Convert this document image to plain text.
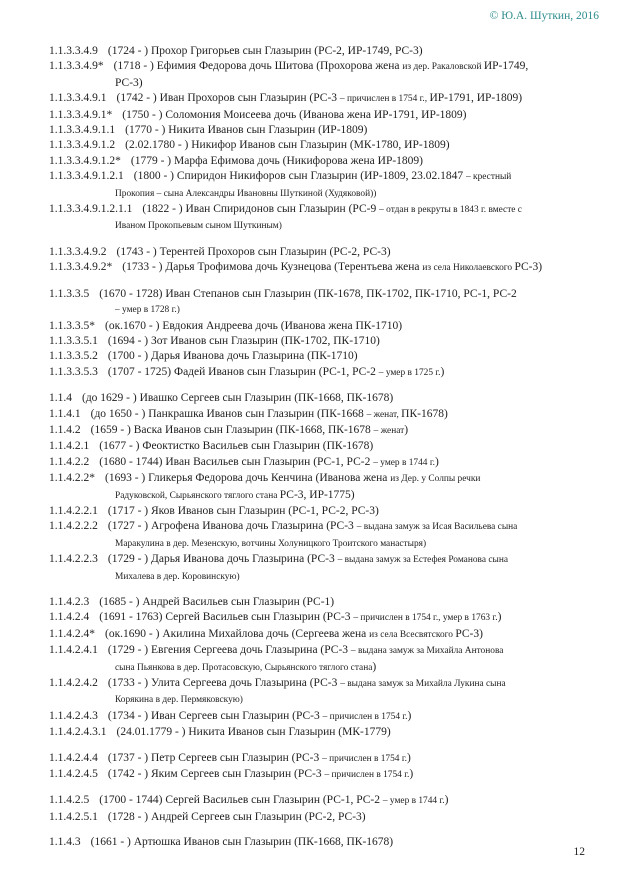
© Ю.А. Шуткин, 2016
1.1.3.3.4.9 (1724 - ) Прохор Григорьев сын Глазырин (РС-2, ИР-1749, РС-3)
1.1.3.3.4.9* (1718 - ) Ефимия Федорова дочь Шитова (Прохорова жена из дер. Ракаловской ИР-1749,
РС-3)
1.1.3.3.4.9.1 (1742 - ) Иван Прохоров сын Глазырин (РС-3 – причислен в 1754 г., ИР-1791, ИР-1809)
1.1.3.3.4.9.1* (1750 - ) Соломония Моисеева дочь (Иванова жена ИР-1791, ИР-1809)
1.1.3.3.4.9.1.1 (1770 - ) Никита Иванов сын Глазырин (ИР-1809)
1.1.3.3.4.9.1.2 (2.02.1780 - ) Никифор Иванов сын Глазырин (МК-1780, ИР-1809)
1.1.3.3.4.9.1.2* (1779 - ) Марфа Ефимова дочь (Никифорова жена ИР-1809)
1.1.3.3.4.9.1.2.1 (1800 - ) Спиридон Никифоров сын Глазырин (ИР-1809, 23.02.1847 – крестный
Прокопия – сына Александры Ивановны Шуткиной (Худяковой))
1.1.3.3.4.9.1.2.1.1 (1822 - ) Иван Спиридонов сын Глазырин (РС-9 – отдан в рекруты в 1843 г. вместе с
Иваном Прокопьевым сыном Шуткиным)
1.1.3.3.4.9.2 (1743 - ) Терентей Прохоров сын Глазырин (РС-2, РС-3)
1.1.3.3.4.9.2* (1733 - ) Дарья Трофимова дочь Кузнецова (Терентьева жена из села Николаевского РС-3)
1.1.3.3.5 (1670 - 1728) Иван Степанов сын Глазырин (ПК-1678, ПК-1702, ПК-1710, РС-1, РС-2
– умер в 1728 г.)
1.1.3.3.5* (ок.1670 - ) Евдокия Андреева дочь (Иванова жена ПК-1710)
1.1.3.3.5.1 (1694 - ) Зот Иванов сын Глазырин (ПК-1702, ПК-1710)
1.1.3.3.5.2 (1700 - ) Дарья Иванова дочь Глазырина (ПК-1710)
1.1.3.3.5.3 (1707 - 1725) Фадей Иванов сын Глазырин (РС-1, РС-2 – умер в 1725 г.)
1.1.4 (до 1629 - ) Ивашко Сергеев сын Глазырин (ПК-1668, ПК-1678)
1.1.4.1 (до 1650 - ) Панкрашка Иванов сын Глазырин (ПК-1668 – женат, ПК-1678)
1.1.4.2 (1659 - ) Васка Иванов сын Глазырин (ПК-1668, ПК-1678 – женат)
1.1.4.2.1 (1677 - ) Феоктистко Васильев сын Глазырин (ПК-1678)
1.1.4.2.2 (1680 - 1744) Иван Васильев сын Глазырин (РС-1, РС-2 – умер в 1744 г.)
1.1.4.2.2* (1693 - ) Гликерья Федорова дочь Кенчина (Иванова жена из Дер. у Солпы речки
Радуковской, Сырьянского тяглого стана РС-3, ИР-1775)
1.1.4.2.2.1 (1717 - ) Яков Иванов сын Глазырин (РС-1, РС-2, РС-3)
1.1.4.2.2.2 (1727 - ) Агрофена Иванова дочь Глазырина (РС-3 – выдана замуж за Исая Васильева сына
Маракулина в дер. Мезенскую, вотчины Холуницкого Троитского манастыря)
1.1.4.2.2.3 (1729 - ) Дарья Иванова дочь Глазырина (РС-3 – выдана замуж за Естефея Романова сына
Михалева в дер. Коровинскую)
1.1.4.2.3 (1685 - ) Андрей Васильев сын Глазырин (РС-1)
1.1.4.2.4 (1691 - 1763) Сергей Васильев сын Глазырин (РС-3 – причислен в 1754 г., умер в 1763 г.)
1.1.4.2.4* (ок.1690 - ) Акилина Михайлова дочь (Сергеева жена из села Всесвятского РС-3)
1.1.4.2.4.1 (1729 - ) Евгения Сергеева дочь Глазырина (РС-3 – выдана замуж за Михайла Антонова
сына Пьянкова в дер. Протасовскую, Сырьянского тяглого стана)
1.1.4.2.4.2 (1733 - ) Улита Сергеева дочь Глазырина (РС-3 – выдана замуж за Михайла Лукина сына
Корякина в дер. Пермяковскую)
1.1.4.2.4.3 (1734 - ) Иван Сергеев сын Глазырин (РС-3 – причислен в 1754 г.)
1.1.4.2.4.3.1 (24.01.1779 - ) Никита Иванов сын Глазырин (МК-1779)
1.1.4.2.4.4 (1737 - ) Петр Сергеев сын Глазырин (РС-3 – причислен в 1754 г.)
1.1.4.2.4.5 (1742 - ) Яким Сергеев сын Глазырин (РС-3 – причислен в 1754 г.)
1.1.4.2.5 (1700 - 1744) Сергей Васильев сын Глазырин (РС-1, РС-2 – умер в 1744 г.)
1.1.4.2.5.1 (1728 - ) Андрей Сергеев сын Глазырин (РС-2, РС-3)
1.1.4.3 (1661 - ) Артюшка Иванов сын Глазырин (ПК-1668, ПК-1678)
12
